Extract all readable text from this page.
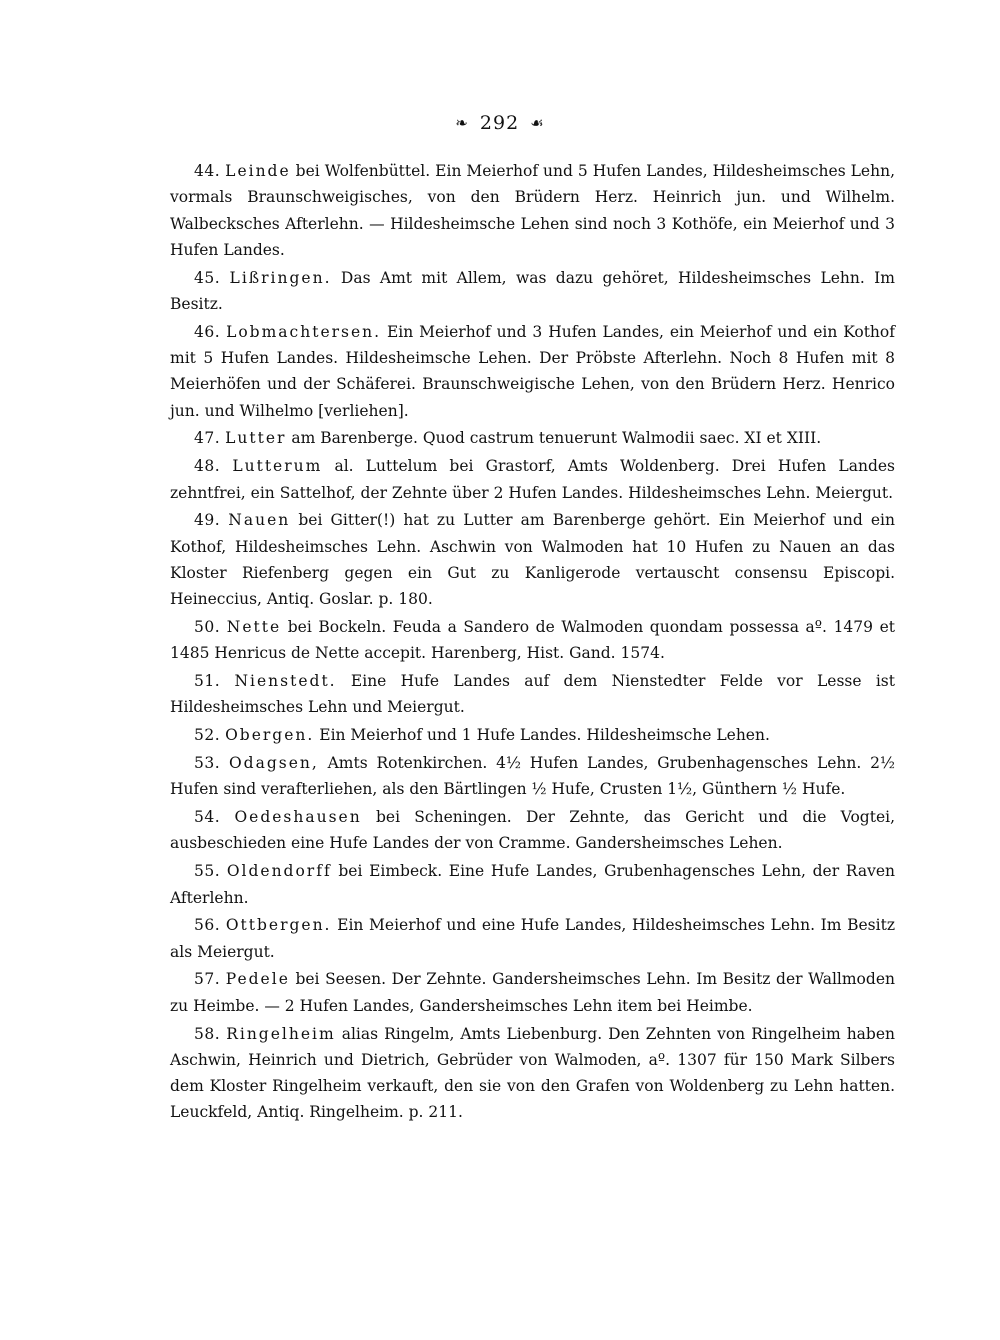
❧ 292 ☙

44. Leinde bei Wolfenbüttel. Ein Meierhof und 5 Hufen Landes, Hildesheimsches Lehn, vormals Braunschweigisches, von den Brüdern Herz. Heinrich jun. und Wilhelm. Walbecksches Afterlehn. — Hildesheimsche Lehen sind noch 3 Kothöfe, ein Meierhof und 3 Hufen Landes.

45. Lißringen. Das Amt mit Allem, was dazu gehöret, Hildesheimsches Lehn. Im Besitz.

46. Lobmachtersen. Ein Meierhof und 3 Hufen Landes, ein Meierhof und ein Kothof mit 5 Hufen Landes. Hildesheimsche Lehen. Der Pröbste Afterlehn. Noch 8 Hufen mit 8 Meierhöfen und der Schäferei. Braunschweigische Lehen, von den Brüdern Herz. Henrico jun. und Wilhelmo [verliehen].

47. Lutter am Barenberge. Quod castrum tenuerunt Walmodii saec. XI et XIII.

48. Lutterum al. Luttelum bei Grastorf, Amts Woldenberg. Drei Hufen Landes zehntfrei, ein Sattelhof, der Zehnte über 2 Hufen Landes. Hildesheimsches Lehn. Meiergut.

49. Nauen bei Gitter(!) hat zu Lutter am Barenberge gehört. Ein Meierhof und ein Kothof, Hildesheimsches Lehn. Aschwin von Walmoden hat 10 Hufen zu Nauen an das Kloster Riefenberg gegen ein Gut zu Kanligerode vertauscht consensu Episcopi. Heineccius, Antiq. Goslar. p. 180.

50. Nette bei Bockeln. Feuda a Sandero de Walmoden quondam possessa aº. 1479 et 1485 Henricus de Nette accepit. Harenberg, Hist. Gand. 1574.

51. Nienstedt. Eine Hufe Landes auf dem Nienstedter Felde vor Lesse ist Hildesheimsches Lehn und Meiergut.

52. Obergen. Ein Meierhof und 1 Hufe Landes. Hildesheimsche Lehen.

53. Odagsen, Amts Rotenkirchen. 4½ Hufen Landes, Grubenhagensches Lehn. 2½ Hufen sind verafterliehen, als den Bärtlingen ½ Hufe, Crusten 1½, Günthern ½ Hufe.

54. Oedeshausen bei Scheningen. Der Zehnte, das Gericht und die Vogtei, ausbeschieden eine Hufe Landes der von Cramme. Gandersheimsches Lehen.

55. Oldendorff bei Eimbeck. Eine Hufe Landes, Grubenhagensches Lehn, der Raven Afterlehn.

56. Ottbergen. Ein Meierhof und eine Hufe Landes, Hildesheimsches Lehn. Im Besitz als Meiergut.

57. Pedele bei Seesen. Der Zehnte. Gandersheimsches Lehn. Im Besitz der Wallmoden zu Heimbe. — 2 Hufen Landes, Gandersheimsches Lehn item bei Heimbe.

58. Ringelheim alias Ringelm, Amts Liebenburg. Den Zehnten von Ringelheim haben Aschwin, Heinrich und Dietrich, Gebrüder von Walmoden, aº. 1307 für 150 Mark Silbers dem Kloster Ringelheim verkauft, den sie von den Grafen von Woldenberg zu Lehn hatten. Leuckfeld, Antiq. Ringelheim. p. 211.
